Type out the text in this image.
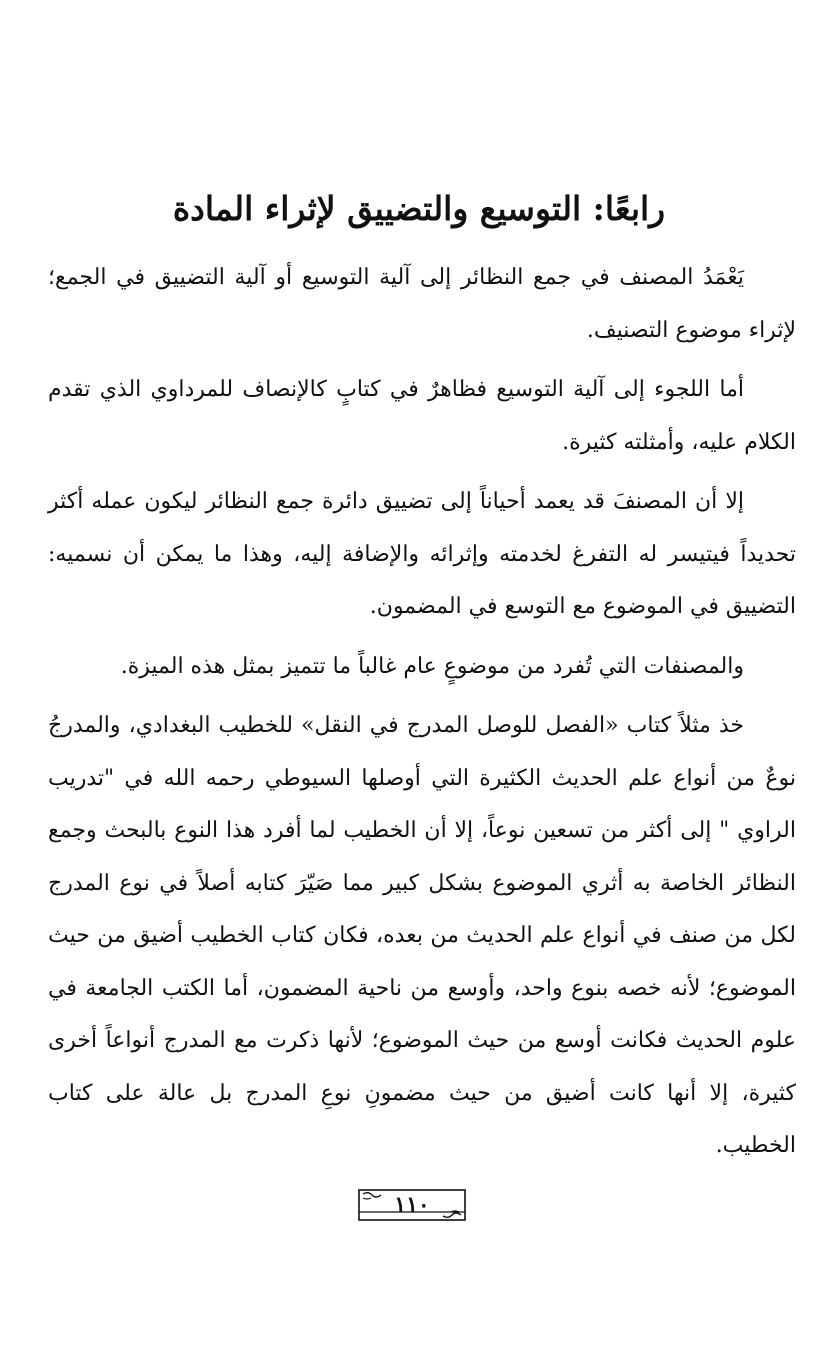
رابعًا: التوسيع والتضييق لإثراء المادة

يَعْمَدُ المصنف في جمع النظائر إلى آلية التوسيع أو آلية التضييق في الجمع؛ لإثراء موضوع التصنيف.

أما اللجوء إلى آلية التوسيع فظاهرٌ في كتابٍ كالإنصاف للمرداوي الذي تقدم الكلام عليه، وأمثلته كثيرة.

إلا أن المصنفَ قد يعمد أحياناً إلى تضييق دائرة جمع النظائر ليكون عمله أكثر تحديداً فيتيسر له التفرغ لخدمته وإثرائه والإضافة إليه، وهذا ما يمكن أن نسميه: التضييق في الموضوع مع التوسع في المضمون.

والمصنفات التي تُفرد من موضوعٍ عام غالباً ما تتميز بمثل هذه الميزة.

خذ مثلاً كتاب «الفصل للوصل المدرج في النقل» للخطيب البغدادي، والمدرجُ نوعٌ من أنواع علم الحديث الكثيرة التي أوصلها السيوطي رحمه الله في "تدريب الراوي " إلى أكثر من تسعين نوعاً، إلا أن الخطيب لما أفرد هذا النوع بالبحث وجمع النظائر الخاصة به أثري الموضوع بشكل كبير مما صَيّرَ كتابه أصلاً في نوع المدرج لكل من صنف في أنواع علم الحديث من بعده، فكان كتاب الخطيب أضيق من حيث الموضوع؛ لأنه خصه بنوع واحد، وأوسع من ناحية المضمون، أما الكتب الجامعة في علوم الحديث فكانت أوسع من حيث الموضوع؛ لأنها ذكرت مع المدرج أنواعاً أخرى كثيرة، إلا أنها كانت أضيق من حيث مضمونِ نوعِ المدرج بل عالة على كتاب الخطيب.

١١٠
